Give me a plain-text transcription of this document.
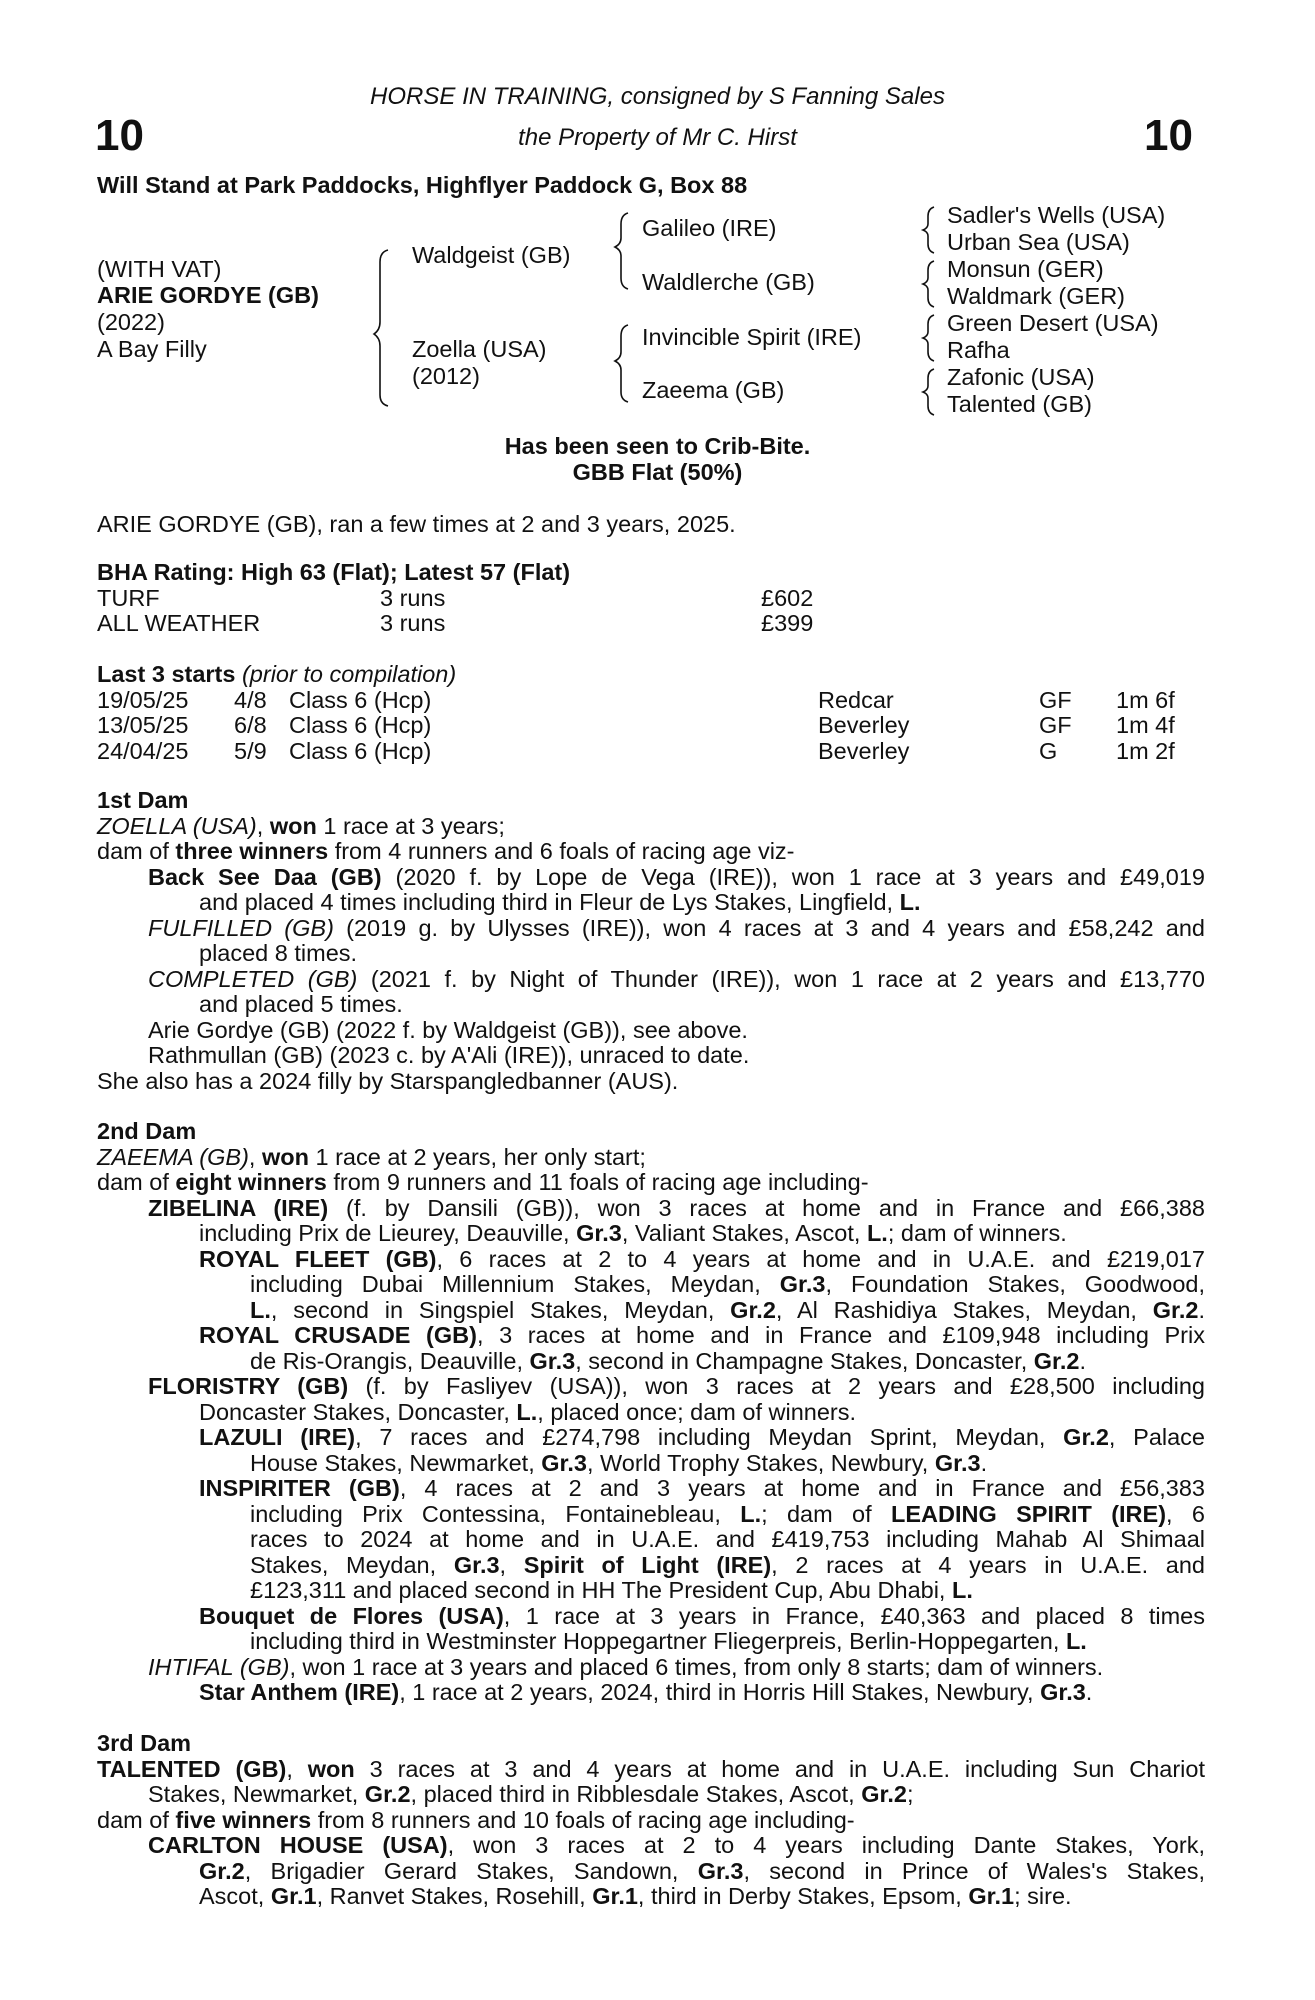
10	10
HORSE IN TRAINING, consigned by S Fanning Sales
the Property of Mr C. Hirst
Will Stand at Park Paddocks, Highflyer Paddock G, Box 88
(WITH VAT)
ARIE GORDYE (GB)
(2022)
A Bay Filly
Waldgeist (GB)
Zoella (USA)
(2012)
Galileo (IRE)
Waldlerche (GB)
Invincible Spirit (IRE)
Zaeema (GB)
Sadler's Wells (USA)
Urban Sea (USA)
Monsun (GER)
Waldmark (GER)
Green Desert (USA)
Rafha
Zafonic (USA)
Talented (GB)
Has been seen to Crib-Bite.
GBB Flat (50%)
ARIE GORDYE (GB), ran a few times at 2 and 3 years, 2025.
BHA Rating: High 63 (Flat); Latest 57 (Flat)
TURF	3 runs	£602
ALL WEATHER	3 runs	£399
Last 3 starts (prior to compilation)
19/05/25 4/8 Class 6 (Hcp)	Redcar	GF 1m 6f
13/05/25 6/8 Class 6 (Hcp)	Beverley	GF 1m 4f
24/04/25 5/9 Class 6 (Hcp)	Beverley	G 1m 2f
1st Dam
ZOELLA (USA), won 1 race at 3 years;
dam of three winners from 4 runners and 6 foals of racing age viz-
Back See Daa (GB) (2020 f. by Lope de Vega (IRE)), won 1 race at 3 years and £49,019
and placed 4 times including third in Fleur de Lys Stakes, Lingfield, L.
FULFILLED (GB) (2019 g. by Ulysses (IRE)), won 4 races at 3 and 4 years and £58,242 and
placed 8 times.
COMPLETED (GB) (2021 f. by Night of Thunder (IRE)), won 1 race at 2 years and £13,770
and placed 5 times.
Arie Gordye (GB) (2022 f. by Waldgeist (GB)), see above.
Rathmullan (GB) (2023 c. by A'Ali (IRE)), unraced to date.
She also has a 2024 filly by Starspangledbanner (AUS).
2nd Dam
ZAEEMA (GB), won 1 race at 2 years, her only start;
dam of eight winners from 9 runners and 11 foals of racing age including-
ZIBELINA (IRE) (f. by Dansili (GB)), won 3 races at home and in France and £66,388
including Prix de Lieurey, Deauville, Gr.3, Valiant Stakes, Ascot, L.; dam of winners.
ROYAL FLEET (GB), 6 races at 2 to 4 years at home and in U.A.E. and £219,017
including Dubai Millennium Stakes, Meydan, Gr.3, Foundation Stakes, Goodwood,
L., second in Singspiel Stakes, Meydan, Gr.2, Al Rashidiya Stakes, Meydan, Gr.2.
ROYAL CRUSADE (GB), 3 races at home and in France and £109,948 including Prix
de Ris-Orangis, Deauville, Gr.3, second in Champagne Stakes, Doncaster, Gr.2.
FLORISTRY (GB) (f. by Fasliyev (USA)), won 3 races at 2 years and £28,500 including
Doncaster Stakes, Doncaster, L., placed once; dam of winners.
LAZULI (IRE), 7 races and £274,798 including Meydan Sprint, Meydan, Gr.2, Palace
House Stakes, Newmarket, Gr.3, World Trophy Stakes, Newbury, Gr.3.
INSPIRITER (GB), 4 races at 2 and 3 years at home and in France and £56,383
including Prix Contessina, Fontainebleau, L.; dam of LEADING SPIRIT (IRE), 6
races to 2024 at home and in U.A.E. and £419,753 including Mahab Al Shimaal
Stakes, Meydan, Gr.3, Spirit of Light (IRE), 2 races at 4 years in U.A.E. and
£123,311 and placed second in HH The President Cup, Abu Dhabi, L.
Bouquet de Flores (USA), 1 race at 3 years in France, £40,363 and placed 8 times
including third in Westminster Hoppegartner Fliegerpreis, Berlin-Hoppegarten, L.
IHTIFAL (GB), won 1 race at 3 years and placed 6 times, from only 8 starts; dam of winners.
Star Anthem (IRE), 1 race at 2 years, 2024, third in Horris Hill Stakes, Newbury, Gr.3.
3rd Dam
TALENTED (GB), won 3 races at 3 and 4 years at home and in U.A.E. including Sun Chariot
Stakes, Newmarket, Gr.2, placed third in Ribblesdale Stakes, Ascot, Gr.2;
dam of five winners from 8 runners and 10 foals of racing age including-
CARLTON HOUSE (USA), won 3 races at 2 to 4 years including Dante Stakes, York,
Gr.2, Brigadier Gerard Stakes, Sandown, Gr.3, second in Prince of Wales's Stakes,
Ascot, Gr.1, Ranvet Stakes, Rosehill, Gr.1, third in Derby Stakes, Epsom, Gr.1; sire.
